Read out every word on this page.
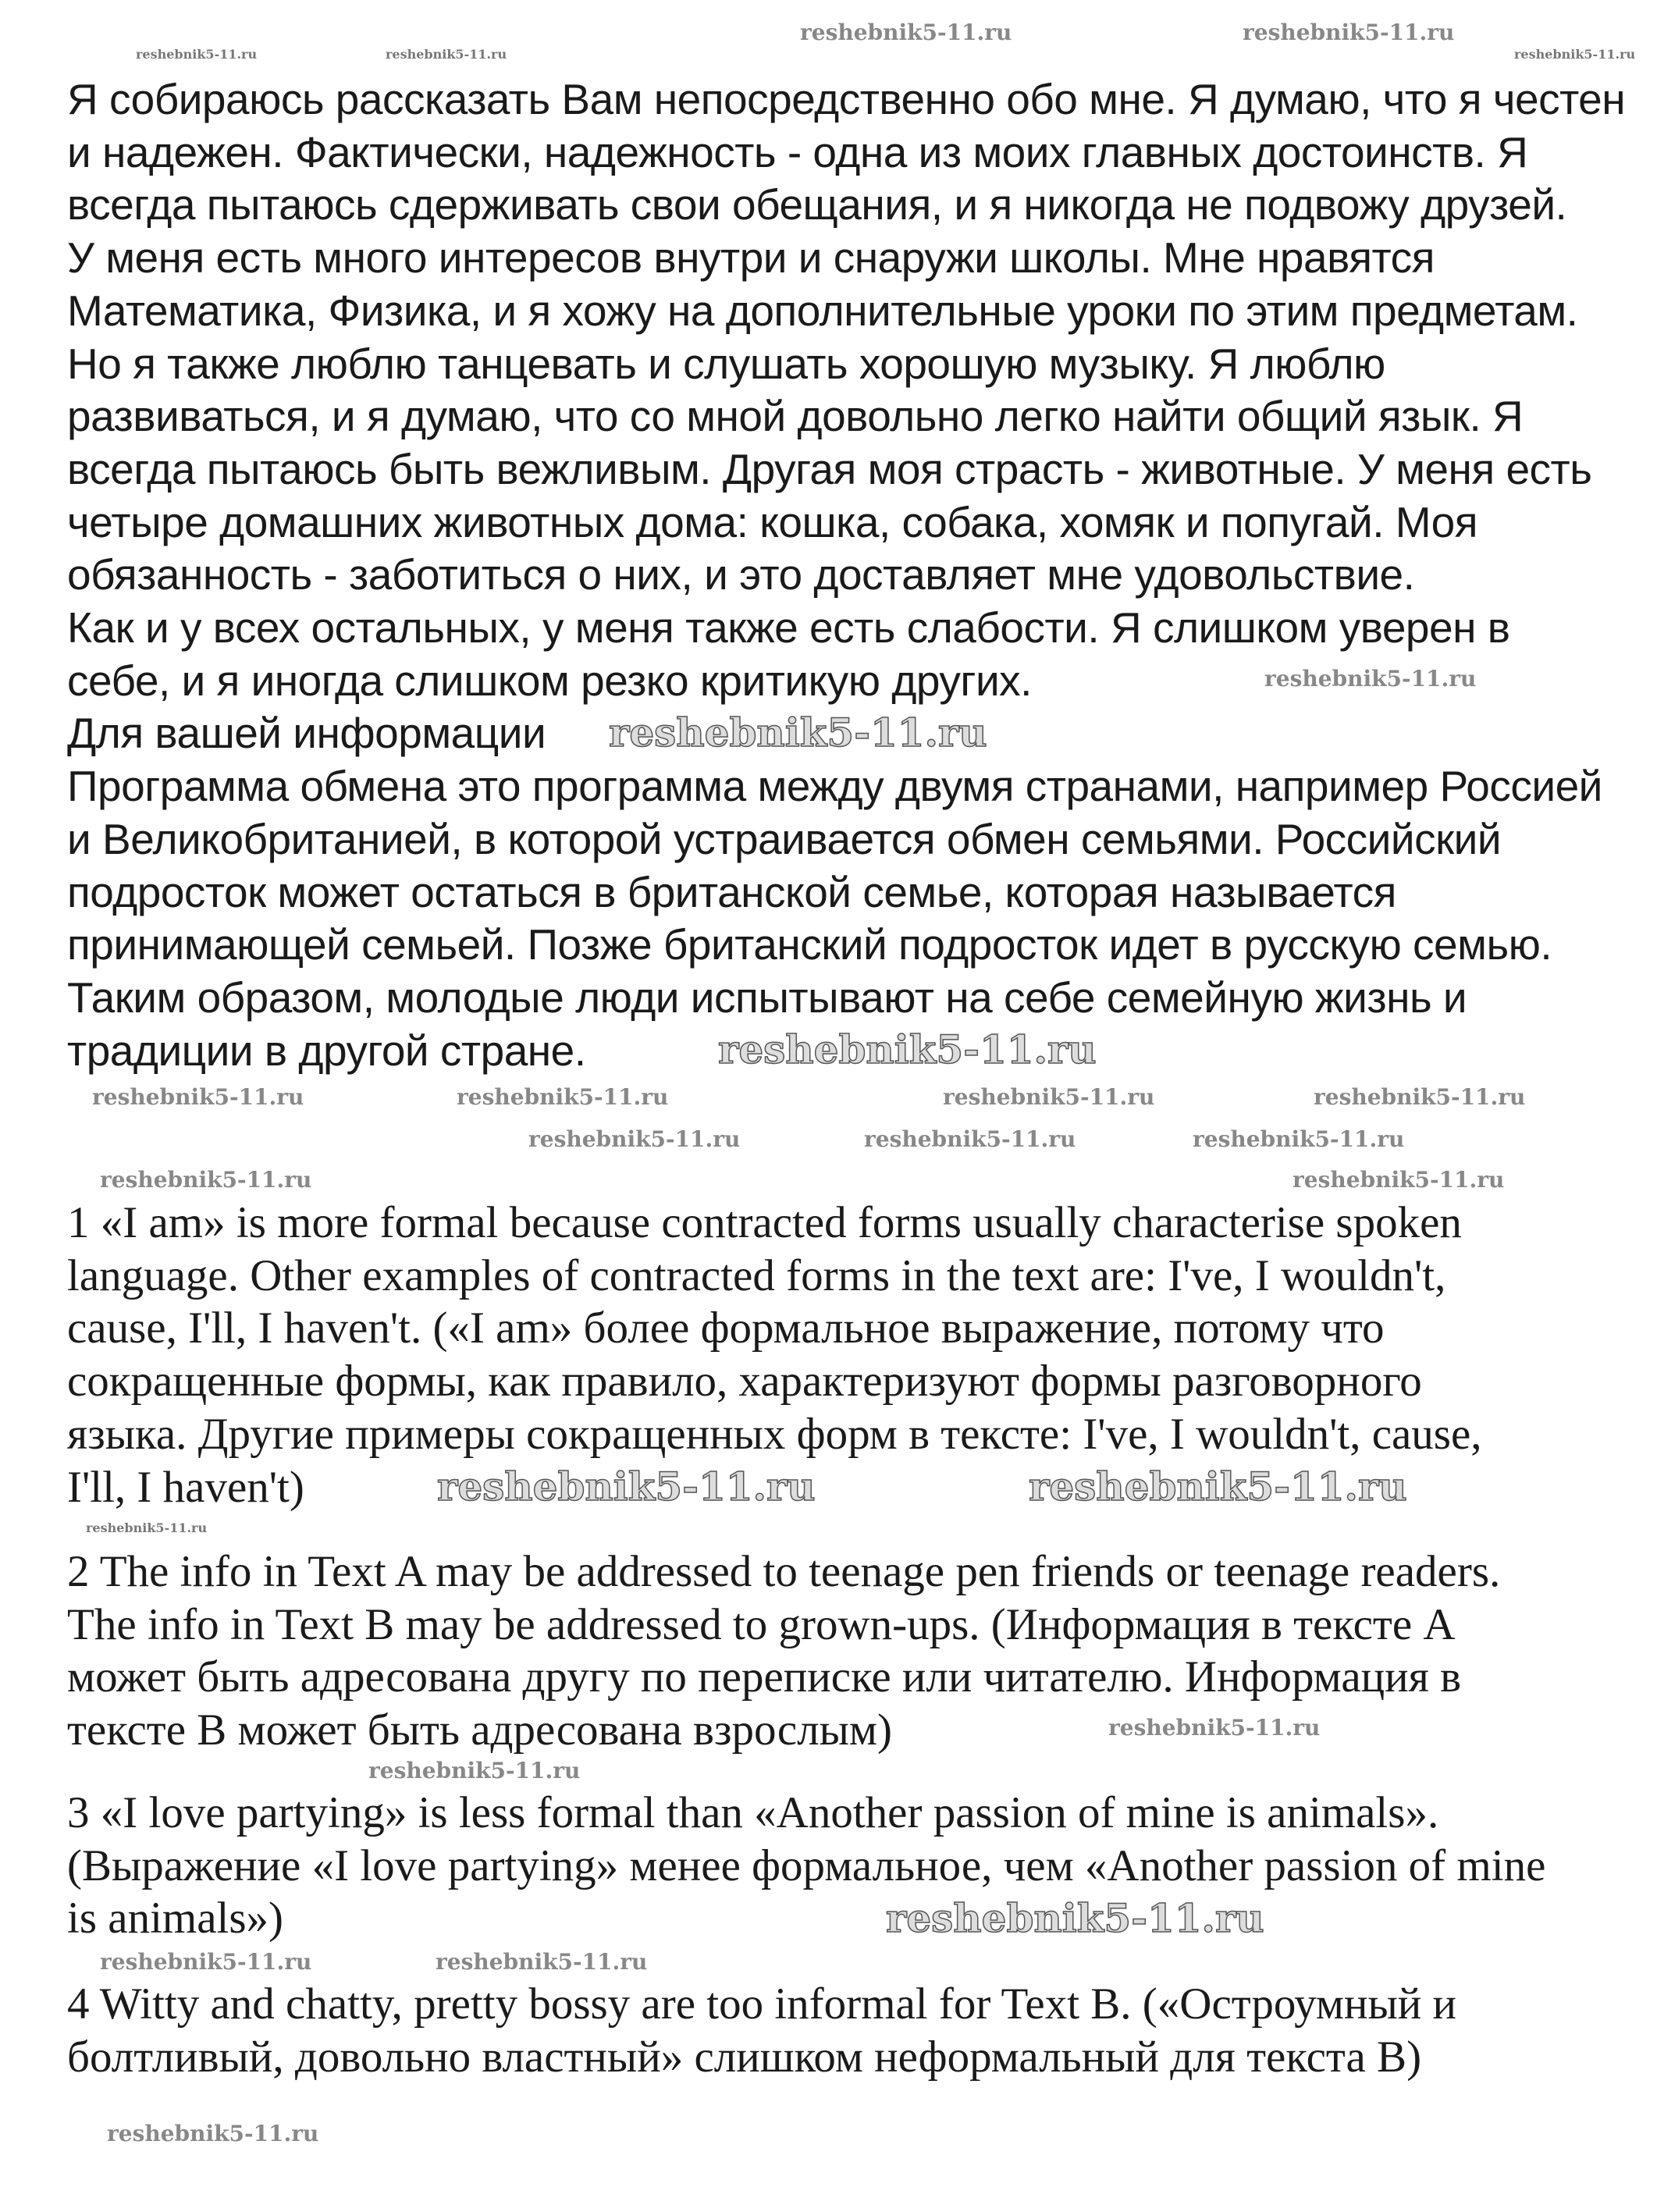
Я собираюсь рассказать Вам непосредственно обо мне. Я думаю, что я честен
и надежен. Фактически, надежность - одна из моих главных достоинств. Я
всегда пытаюсь сдерживать свои обещания, и я никогда не подвожу друзей.
У меня есть много интересов внутри и снаружи школы. Мне нравятся
Математика, Физика, и я хожу на дополнительные уроки по этим предметам.
Но я также люблю танцевать и слушать хорошую музыку. Я люблю
развиваться, и я думаю, что со мной довольно легко найти общий язык. Я
всегда пытаюсь быть вежливым. Другая моя страсть - животные. У меня есть
четыре домашних животных дома: кошка, собака, хомяк и попугай. Моя
обязанность - заботиться о них, и это доставляет мне удовольствие.
Как и у всех остальных, у меня также есть слабости. Я слишком уверен в
себе, и я иногда слишком резко критикую других.
Для вашей информации
Программа обмена это программа между двумя странами, например Россией
и Великобританией, в которой устраивается обмен семьями. Российский
подросток может остаться в британской семье, которая называется
принимающей семьей. Позже британский подросток идет в русскую семью.
Таким образом, молодые люди испытывают на себе семейную жизнь и
традиции в другой стране.
1 «I am» is more formal because contracted forms usually characterise spoken
language. Other examples of contracted forms in the text are: I've, I wouldn't,
cause, I'll, I haven't. («I am» более формальное выражение, потому что
сокращенные формы, как правило, характеризуют формы разговорного
языка. Другие примеры сокращенных форм в тексте: I've, I wouldn't, cause,
I'll, I haven't)
2 The info in Text A may be addressed to teenage pen friends or teenage readers.
The info in Text B may be addressed to grown-ups. (Информация в тексте А
может быть адресована другу по переписке или читателю. Информация в
тексте В может быть адресована взрослым)
3 «I love partying» is less formal than «Another passion of mine is animals».
(Выражение «I love partying» менее формальное, чем «Another passion of mine
is animals»)
4 Witty and chatty, pretty bossy are too informal for Text B. («Остроумный и
болтливый, довольно властный» слишком неформальный для текста В)
reshebnik5-11.ru	reshebnik5-11.ru	reshebnik5-11.ru
reshebnik5-11.ru
reshebnik5-11.ru	reshebnik5-11.ru
reshebnik5-11.ru	reshebnik5-11.ru	reshebnik5-11.ru	reshebnik5-11.ru
reshebnik5-11.ru	reshebnik5-11.ru	reshebnik5-11.ru
reshebnik5-11.ru
reshebnik5-11.ru	reshebnik5-11.ru
reshebnik5-11.ru
reshebnik5-11.ru
reshebnik5-11.ru
reshebnik5-11.ru	reshebnik5-11.ru
reshebnik5-11.ru
reshebnik5-11.ru
reshebnik5-11.ru	reshebnik5-11.ru
reshebnik5-11.ru
